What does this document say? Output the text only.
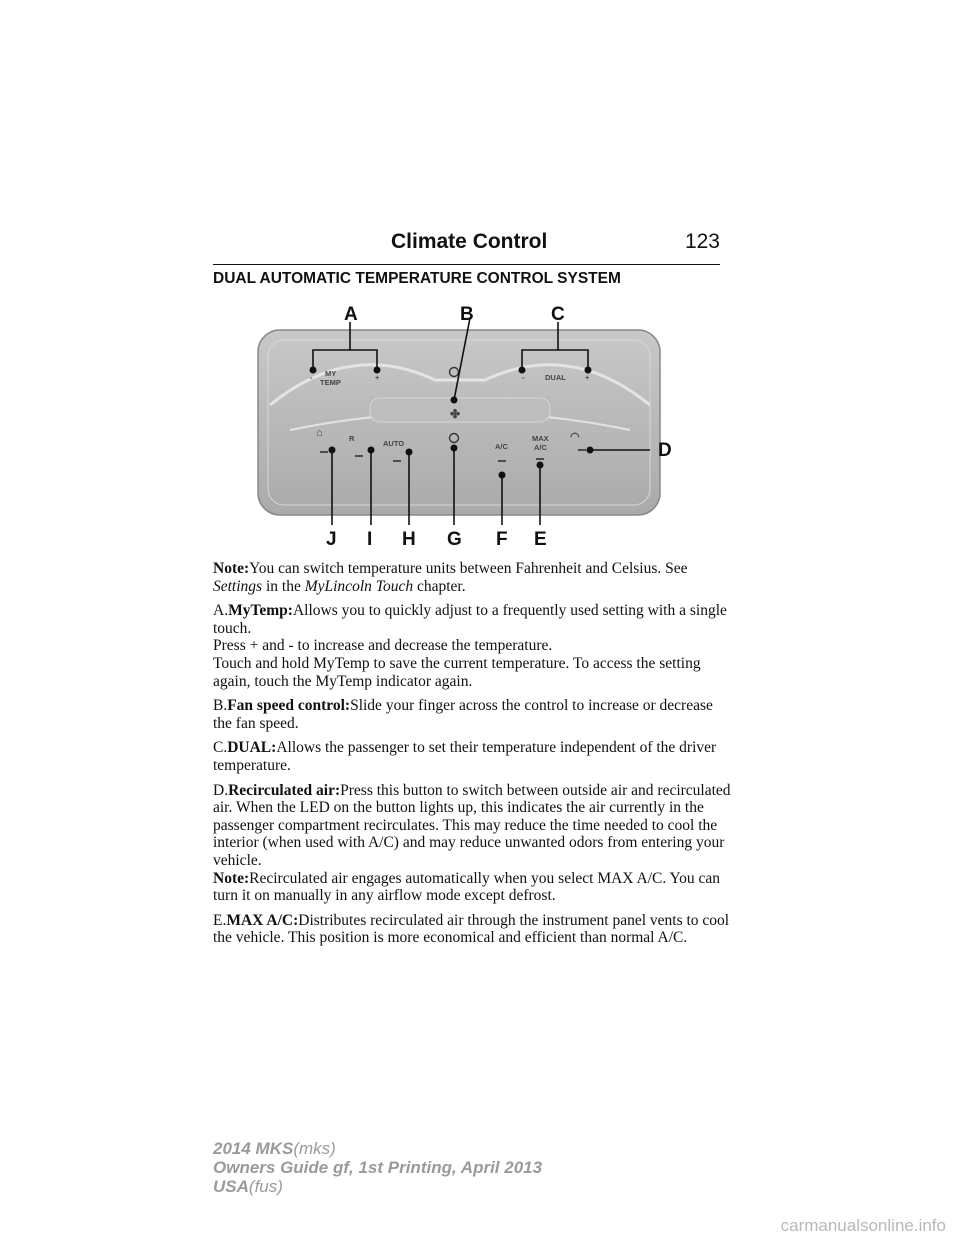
Climate Control	123
DUAL AUTOMATIC TEMPERATURE CONTROL SYSTEM
✤
⌂	◠
- MY
TEMP
+	-	DUAL	+
R
AUTO	A/C
MAX
A/C
A	B	C
D
J I H G F E

Note:You can switch temperature units between Fahrenheit and Celsius. See Settings in the MyLincoln Touch chapter.

A.MyTemp:Allows you to quickly adjust to a frequently used setting with a single touch.
Press + and - to increase and decrease the temperature.
Touch and hold MyTemp to save the current temperature. To access the setting again, touch the MyTemp indicator again.

B.Fan speed control:Slide your finger across the control to increase or decrease the fan speed.

C.DUAL:Allows the passenger to set their temperature independent of the driver temperature.

D.Recirculated air:Press this button to switch between outside air and recirculated air. When the LED on the button lights up, this indicates the air currently in the passenger compartment recirculates. This may reduce the time needed to cool the interior (when used with A/C) and may reduce unwanted odors from entering your vehicle.

Note:Recirculated air engages automatically when you select MAX A/C. You can turn it on manually in any airflow mode except defrost.

E.MAX A/C:Distributes recirculated air through the instrument panel vents to cool the vehicle. This position is more economical and efficient than normal A/C.

2014 MKS(mks)
Owners Guide gf, 1st Printing, April 2013
USA(fus)
carmanualsonline.info
